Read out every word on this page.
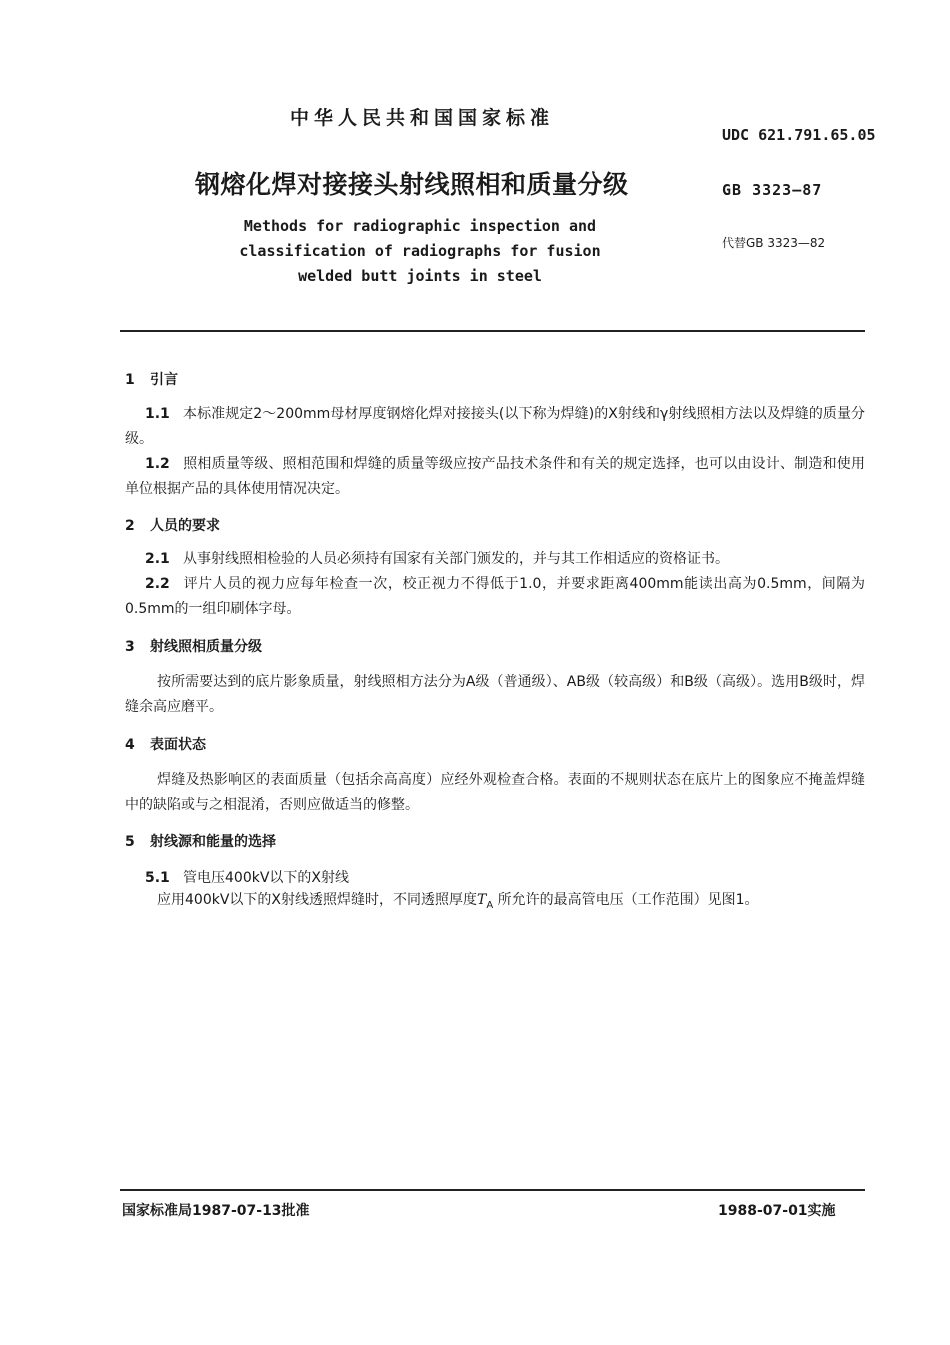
中华人民共和国国家标准
UDC 621.791.65.05
钢熔化焊对接接头射线照相和质量分级	GB 3323—87
Methods for radiographic inspection and classification of radiographs for fusion welded butt joints in steel
代替GB 3323—82
1 引言
1.1 本标准规定2～200mm母材厚度钢熔化焊对接接头(以下称为焊缝)的X射线和γ射线照相方法以及焊缝的质量分级。
1.2 照相质量等级、照相范围和焊缝的质量等级应按产品技术条件和有关的规定选择，也可以由设计、制造和使用单位根据产品的具体使用情况决定。
2 人员的要求
2.1 从事射线照相检验的人员必须持有国家有关部门颁发的，并与其工作相适应的资格证书。
2.2 评片人员的视力应每年检查一次，校正视力不得低于1.0，并要求距离400mm能读出高为0.5mm，间隔为0.5mm的一组印刷体字母。
3 射线照相质量分级
按所需要达到的底片影象质量，射线照相方法分为A级（普通级）、AB级（较高级）和B级（高级）。选用B级时，焊缝余高应磨平。
4 表面状态
焊缝及热影响区的表面质量（包括余高高度）应经外观检查合格。表面的不规则状态在底片上的图象应不掩盖焊缝中的缺陷或与之相混淆，否则应做适当的修整。
5 射线源和能量的选择
5.1 管电压400kV以下的X射线
应用400kV以下的X射线透照焊缝时，不同透照厚度$T_A$ 所允许的最高管电压（工作范围）见图1。
国家标准局1987-07-13批准	1988-07-01实施
